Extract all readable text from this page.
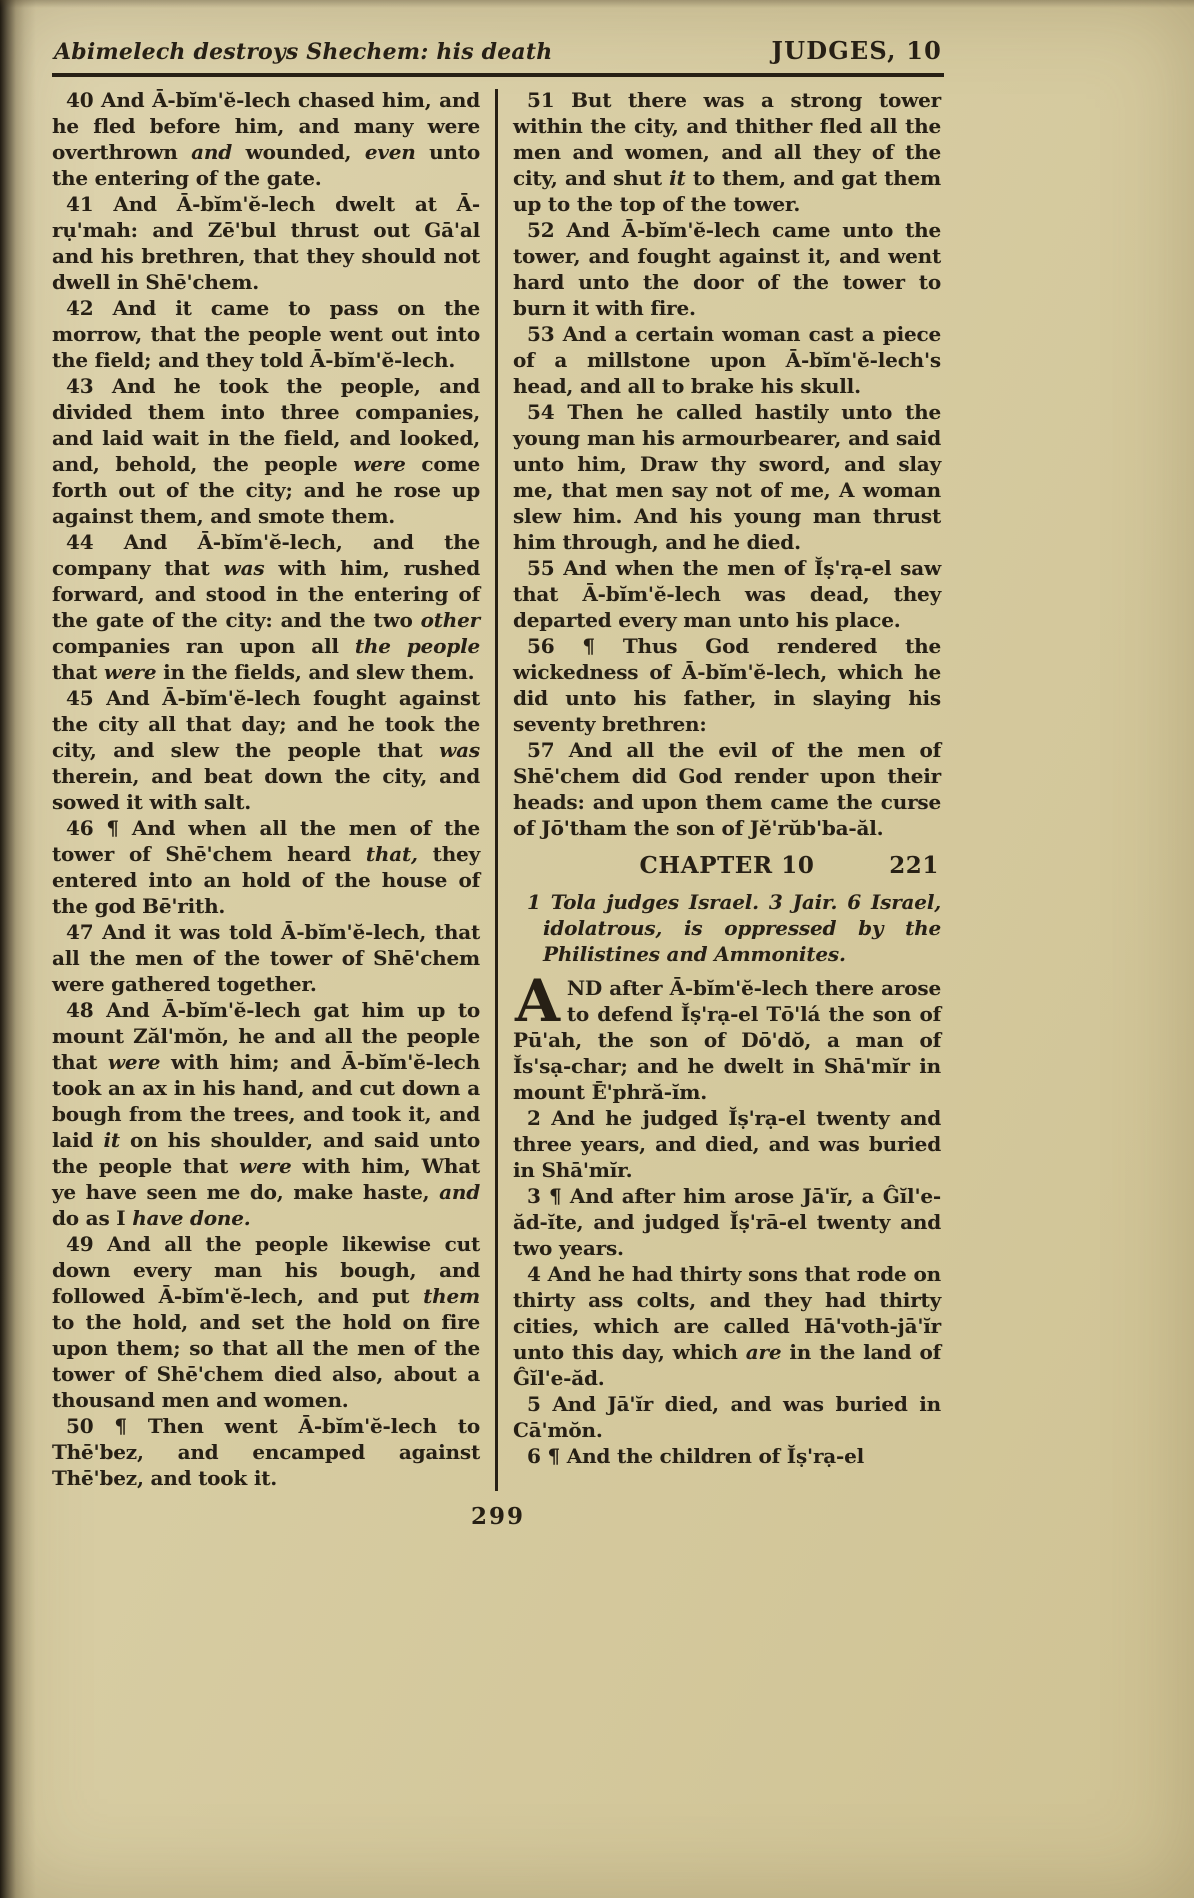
Abimelech destroys Shechem: his death	JUDGES, 10

40 And Ā-bĭm'ĕ-lech chased him, and he fled before him, and many were overthrown and wounded, even unto the entering of the gate.

41 And Ā-bĭm'ĕ-lech dwelt at Ā-rụ'mah: and Zē'bul thrust out Gā'al and his brethren, that they should not dwell in Shē'chem.

42 And it came to pass on the morrow, that the people went out into the field; and they told Ā-bĭm'ĕ-lech.

43 And he took the people, and divided them into three companies, and laid wait in the field, and looked, and, behold, the people were come forth out of the city; and he rose up against them, and smote them.

44 And Ā-bĭm'ĕ-lech, and the company that was with him, rushed forward, and stood in the entering of the gate of the city: and the two other companies ran upon all the people that were in the fields, and slew them.

45 And Ā-bĭm'ĕ-lech fought against the city all that day; and he took the city, and slew the people that was therein, and beat down the city, and sowed it with salt.

46 ¶ And when all the men of the tower of Shē'chem heard that, they entered into an hold of the house of the god Bē'rith.

47 And it was told Ā-bĭm'ĕ-lech, that all the men of the tower of Shē'chem were gathered together.

48 And Ā-bĭm'ĕ-lech gat him up to mount Zăl'mŏn, he and all the people that were with him; and Ā-bĭm'ĕ-lech took an ax in his hand, and cut down a bough from the trees, and took it, and laid it on his shoulder, and said unto the people that were with him, What ye have seen me do, make haste, and do as I have done.

49 And all the people likewise cut down every man his bough, and followed Ā-bĭm'ĕ-lech, and put them to the hold, and set the hold on fire upon them; so that all the men of the tower of Shē'chem died also, about a thousand men and women.

50 ¶ Then went Ā-bĭm'ĕ-lech to Thē'bez, and encamped against Thē'bez, and took it.

51 But there was a strong tower within the city, and thither fled all the men and women, and all they of the city, and shut it to them, and gat them up to the top of the tower.

52 And Ā-bĭm'ĕ-lech came unto the tower, and fought against it, and went hard unto the door of the tower to burn it with fire.

53 And a certain woman cast a piece of a millstone upon Ā-bĭm'ĕ-lech's head, and all to brake his skull.

54 Then he called hastily unto the young man his armourbearer, and said unto him, Draw thy sword, and slay me, that men say not of me, A woman slew him. And his young man thrust him through, and he died.

55 And when the men of Ĭṣ'rạ-el saw that Ā-bĭm'ĕ-lech was dead, they departed every man unto his place.

56 ¶ Thus God rendered the wickedness of Ā-bĭm'ĕ-lech, which he did unto his father, in slaying his seventy brethren:

57 And all the evil of the men of Shē'chem did God render upon their heads: and upon them came the curse of Jō'tham the son of Jĕ'rŭb'ba-ăl.

CHAPTER 10	221

1 Tola judges Israel. 3 Jair. 6 Israel, idolatrous, is oppressed by the Philistines and Ammonites.

AND after Ā-bĭm'ĕ-lech there arose to defend Ĭṣ'rạ-el Tō'lá the son of Pū'ah, the son of Dō'dŏ, a man of Ĭs'sạ-char; and he dwelt in Shā'mĭr in mount Ē'phră-ĭm.

2 And he judged Ĭṣ'rạ-el twenty and three years, and died, and was buried in Shā'mĭr.

3 ¶ And after him arose Jā'ĭr, a Ĝĭl'e-ăd-ĭte, and judged Ĭṣ'rā-el twenty and two years.

4 And he had thirty sons that rode on thirty ass colts, and they had thirty cities, which are called Hā'voth-jā'ĭr unto this day, which are in the land of Ĝĭl'e-ăd.

5 And Jā'ĭr died, and was buried in Cā'mŏn.

6 ¶ And the children of Ĭṣ'rạ-el

299
